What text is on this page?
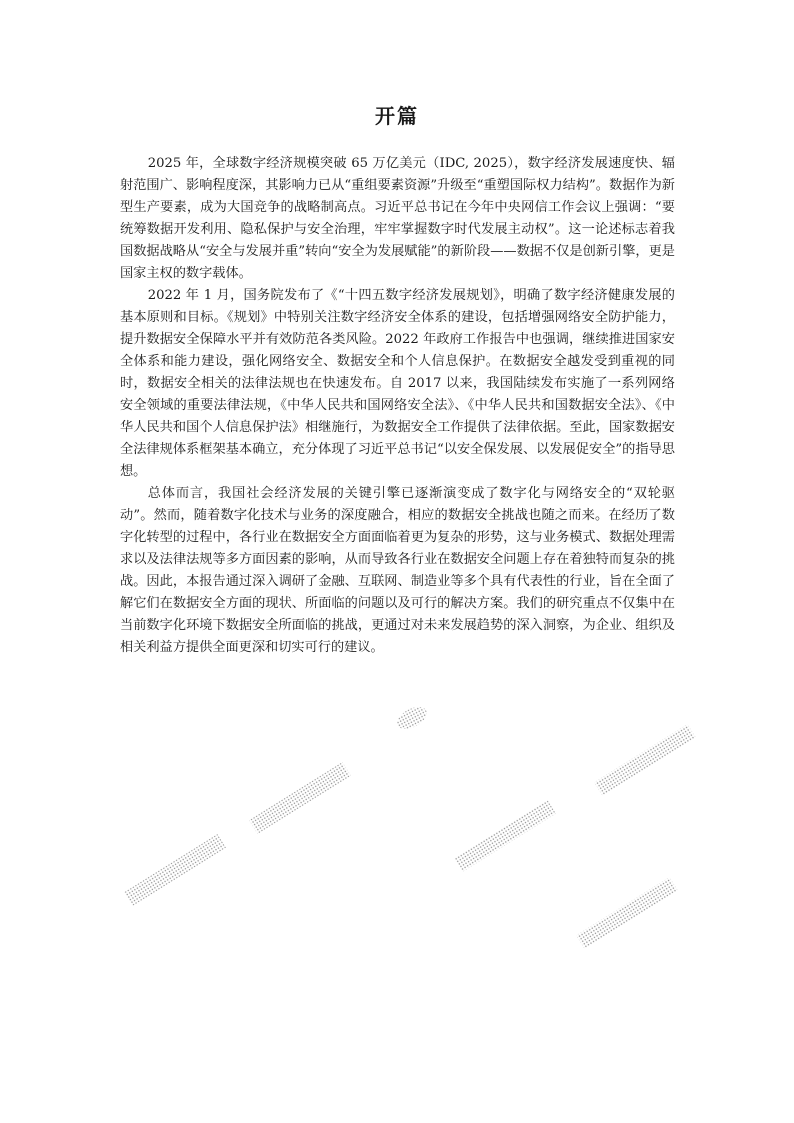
开篇

2025 年，全球数字经济规模突破 65 万亿美元（IDC, 2025），数字经济发展速度快、辐射范围广、影响程度深，其影响力已从“重组要素资源”升级至“重塑国际权力结构”。数据作为新型生产要素，成为大国竞争的战略制高点。习近平总书记在今年中央网信工作会议上强调：“要统筹数据开发利用、隐私保护与安全治理，牢牢掌握数字时代发展主动权”。这一论述标志着我国数据战略从“安全与发展并重”转向“安全为发展赋能”的新阶段——数据不仅是创新引擎，更是国家主权的数字载体。

2022 年 1 月，国务院发布了《“十四五数字经济发展规划》，明确了数字经济健康发展的基本原则和目标。《规划》中特别关注数字经济安全体系的建设，包括增强网络安全防护能力，提升数据安全保障水平并有效防范各类风险。2022 年政府工作报告中也强调，继续推进国家安全体系和能力建设，强化网络安全、数据安全和个人信息保护。在数据安全越发受到重视的同时，数据安全相关的法律法规也在快速发布。自 2017 以来，我国陆续发布实施了一系列网络安全领域的重要法律法规，《中华人民共和国网络安全法》、《中华人民共和国数据安全法》、《中华人民共和国个人信息保护法》相继施行，为数据安全工作提供了法律依据。至此，国家数据安全法律规体系框架基本确立，充分体现了习近平总书记“以安全保发展、以发展促安全”的指导思想。

总体而言，我国社会经济发展的关键引擎已逐渐演变成了数字化与网络安全的“双轮驱动”。然而，随着数字化技术与业务的深度融合，相应的数据安全挑战也随之而来。在经历了数字化转型的过程中，各行业在数据安全方面面临着更为复杂的形势，这与业务模式、数据处理需求以及法律法规等多方面因素的影响，从而导致各行业在数据安全问题上存在着独特而复杂的挑战。因此，本报告通过深入调研了金融、互联网、制造业等多个具有代表性的行业，旨在全面了解它们在数据安全方面的现状、所面临的问题以及可行的解决方案。我们的研究重点不仅集中在当前数字化环境下数据安全所面临的挑战，更通过对未来发展趋势的深入洞察，为企业、组织及相关利益方提供全面更深和切实可行的建议。
